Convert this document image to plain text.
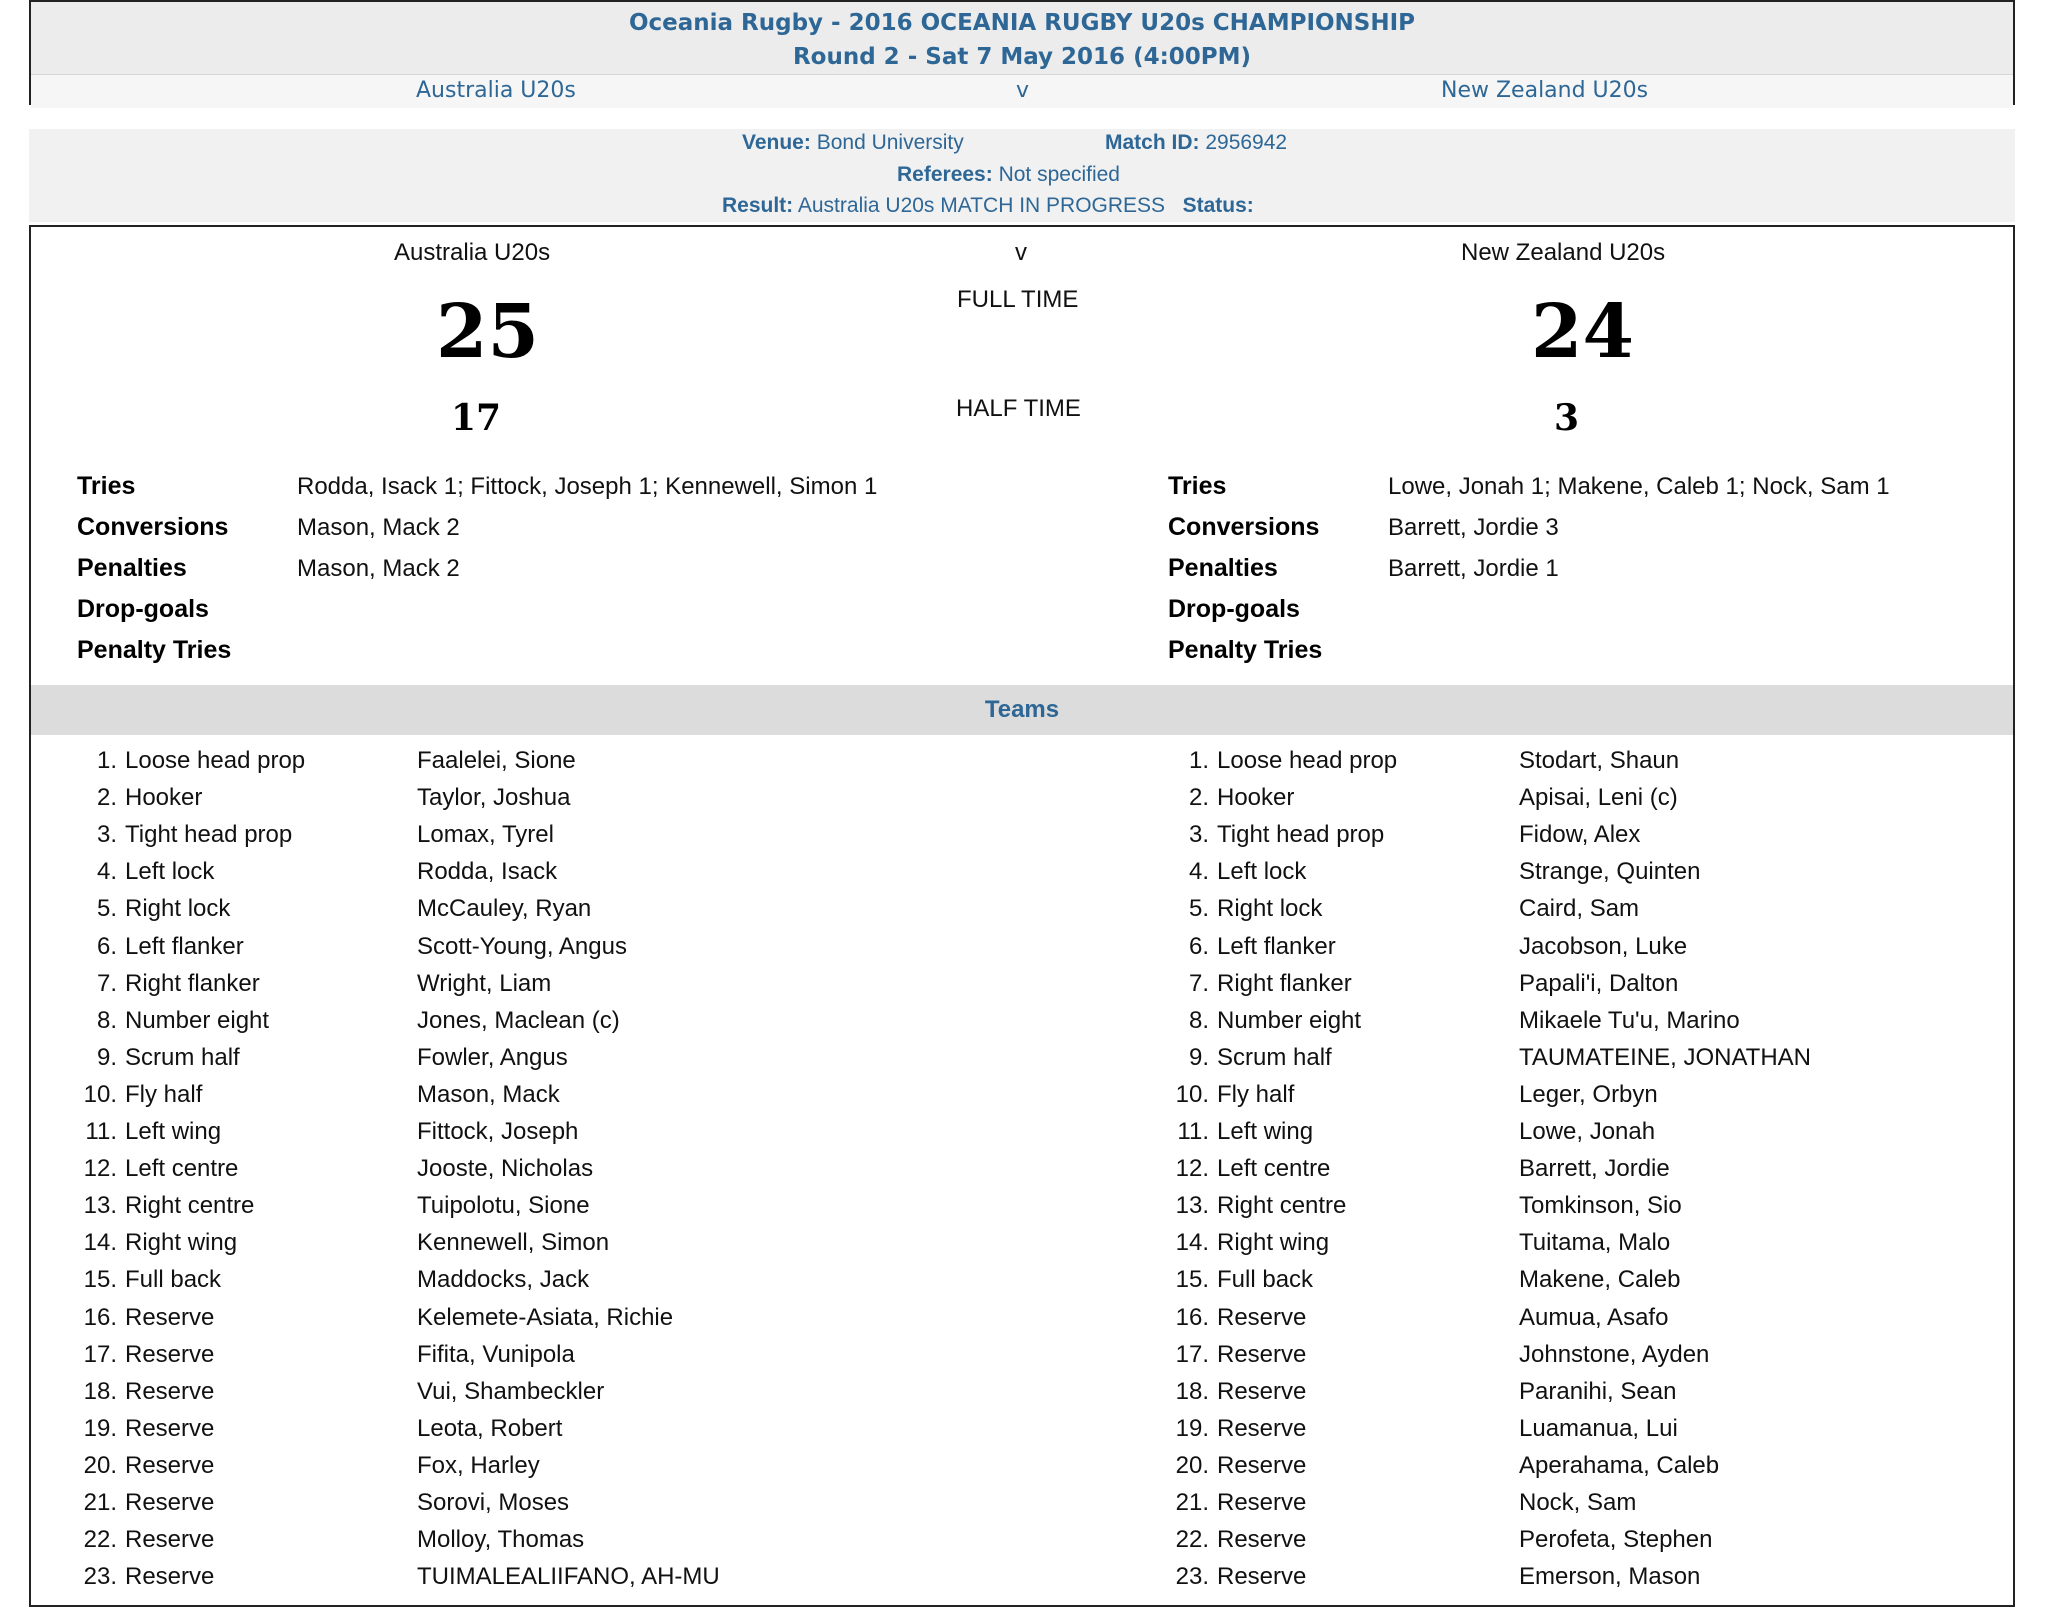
Oceania Rugby - 2016 OCEANIA RUGBY U20s CHAMPIONSHIP
Round 2 - Sat 7 May 2016 (4:00PM)
Australia U20s	v	New Zealand U20s
Venue: Bond University	Match ID: 2956942
Referees: Not specified
Result: Australia U20s MATCH IN PROGRESS Status:
Australia U20s	v	New Zealand U20s
FULL TIME
25	24
HALF TIME
17	3
Tries	Rodda, Isack 1; Fittock, Joseph 1; Kennewell, Simon 1	Tries	Lowe, Jonah 1; Makene, Caleb 1; Nock, Sam 1
Conversions	Mason, Mack 2	Conversions	Barrett, Jordie 3
Penalties	Mason, Mack 2	Penalties	Barrett, Jordie 1
Drop-goals	Drop-goals
Penalty Tries	Penalty Tries
Teams
1. Loose head prop	Faalelei, Sione	1. Loose head prop	Stodart, Shaun
2. Hooker	Taylor, Joshua	2. Hooker	Apisai, Leni (c)
3. Tight head prop	Lomax, Tyrel	3. Tight head prop	Fidow, Alex
4. Left lock	Rodda, Isack	4. Left lock	Strange, Quinten
5. Right lock	McCauley, Ryan	5. Right lock	Caird, Sam
6. Left flanker	Scott-Young, Angus	6. Left flanker	Jacobson, Luke
7. Right flanker	Wright, Liam	7. Right flanker	Papali'i, Dalton
8. Number eight	Jones, Maclean (c)	8. Number eight	Mikaele Tu'u, Marino
9. Scrum half	Fowler, Angus	9. Scrum half	TAUMATEINE, JONATHAN
10. Fly half	Mason, Mack	10. Fly half	Leger, Orbyn
11. Left wing	Fittock, Joseph	11. Left wing	Lowe, Jonah
12. Left centre	Jooste, Nicholas	12. Left centre	Barrett, Jordie
13. Right centre	Tuipolotu, Sione	13. Right centre	Tomkinson, Sio
14. Right wing	Kennewell, Simon	14. Right wing	Tuitama, Malo
15. Full back	Maddocks, Jack	15. Full back	Makene, Caleb
16. Reserve	Kelemete-Asiata, Richie	16. Reserve	Aumua, Asafo
17. Reserve	Fifita, Vunipola	17. Reserve	Johnstone, Ayden
18. Reserve	Vui, Shambeckler	18. Reserve	Paranihi, Sean
19. Reserve	Leota, Robert	19. Reserve	Luamanua, Lui
20. Reserve	Fox, Harley	20. Reserve	Aperahama, Caleb
21. Reserve	Sorovi, Moses	21. Reserve	Nock, Sam
22. Reserve	Molloy, Thomas	22. Reserve	Perofeta, Stephen
23. Reserve	TUIMALEALIIFANO, AH-MU	23. Reserve	Emerson, Mason
